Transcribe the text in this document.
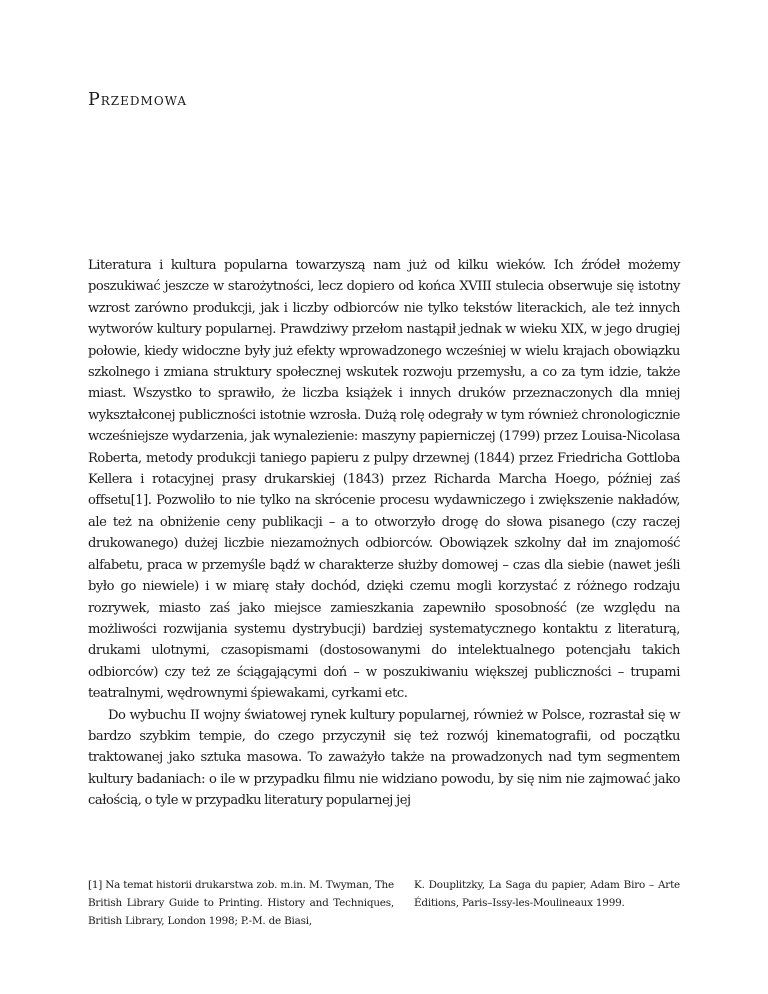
Przedmowa

Literatura i kultura popularna towarzyszą nam już od kilku wieków. Ich źródeł możemy poszukiwać jeszcze w starożytności, lecz dopiero od końca XVIII stulecia obserwuje się istotny wzrost zarówno produkcji, jak i liczby odbiorców nie tylko tekstów literackich, ale też innych wytworów kultury popularnej. Prawdziwy przełom nastąpił jednak w wieku XIX, w jego drugiej połowie, kiedy widoczne były już efekty wprowadzonego wcześniej w wielu krajach obowiązku szkolnego i zmiana struktury społecznej wskutek rozwoju przemysłu, a co za tym idzie, także miast. Wszystko to sprawiło, że liczba książek i innych druków przeznaczonych dla mniej wykształconej publiczności istotnie wzrosła. Dużą rolę odegrały w tym również chronologicznie wcześniejsze wydarzenia, jak wynalezienie: maszyny papierniczej (1799) przez Louisa-Nicolasa Roberta, metody produkcji taniego papieru z pulpy drzewnej (1844) przez Friedricha Gottloba Kellera i rotacyjnej prasy drukarskiej (1843) przez Richarda Marcha Hoego, później zaś offsetu[1]. Pozwoliło to nie tylko na skrócenie procesu wydawniczego i zwiększenie nakładów, ale też na obniżenie ceny publikacji – a to otworzyło drogę do słowa pisanego (czy raczej drukowanego) dużej liczbie niezamożnych odbiorców. Obowiązek szkolny dał im znajomość alfabetu, praca w przemyśle bądź w charakterze służby domowej – czas dla siebie (nawet jeśli było go niewiele) i w miarę stały dochód, dzięki czemu mogli korzystać z różnego rodzaju rozrywek, miasto zaś jako miejsce zamieszkania zapewniło sposobność (ze względu na możliwości rozwijania systemu dystrybucji) bardziej systematycznego kontaktu z literaturą, drukami ulotnymi, czasopismami (dostosowanymi do intelektualnego potencjału takich odbiorców) czy też ze ściągającymi doń – w poszukiwaniu większej publiczności – trupami teatralnymi, wędrownymi śpiewakami, cyrkami etc.

Do wybuchu II wojny światowej rynek kultury popularnej, również w Polsce, rozrastał się w bardzo szybkim tempie, do czego przyczynił się też rozwój kinematografii, od początku traktowanej jako sztuka masowa. To zaważyło także na prowadzonych nad tym segmentem kultury badaniach: o ile w przypadku filmu nie widziano powodu, by się nim nie zajmować jako całością, o tyle w przypadku literatury popularnej jej

[1] Na temat historii drukarstwa zob. m.in. M. Twyman, The British Library Guide to Printing. History and Techniques, British Library, London 1998; P.-M. de Biasi,
K. Douplitzky, La Saga du papier, Adam Biro – Arte Éditions, Paris–Issy-les-Moulineaux 1999.
